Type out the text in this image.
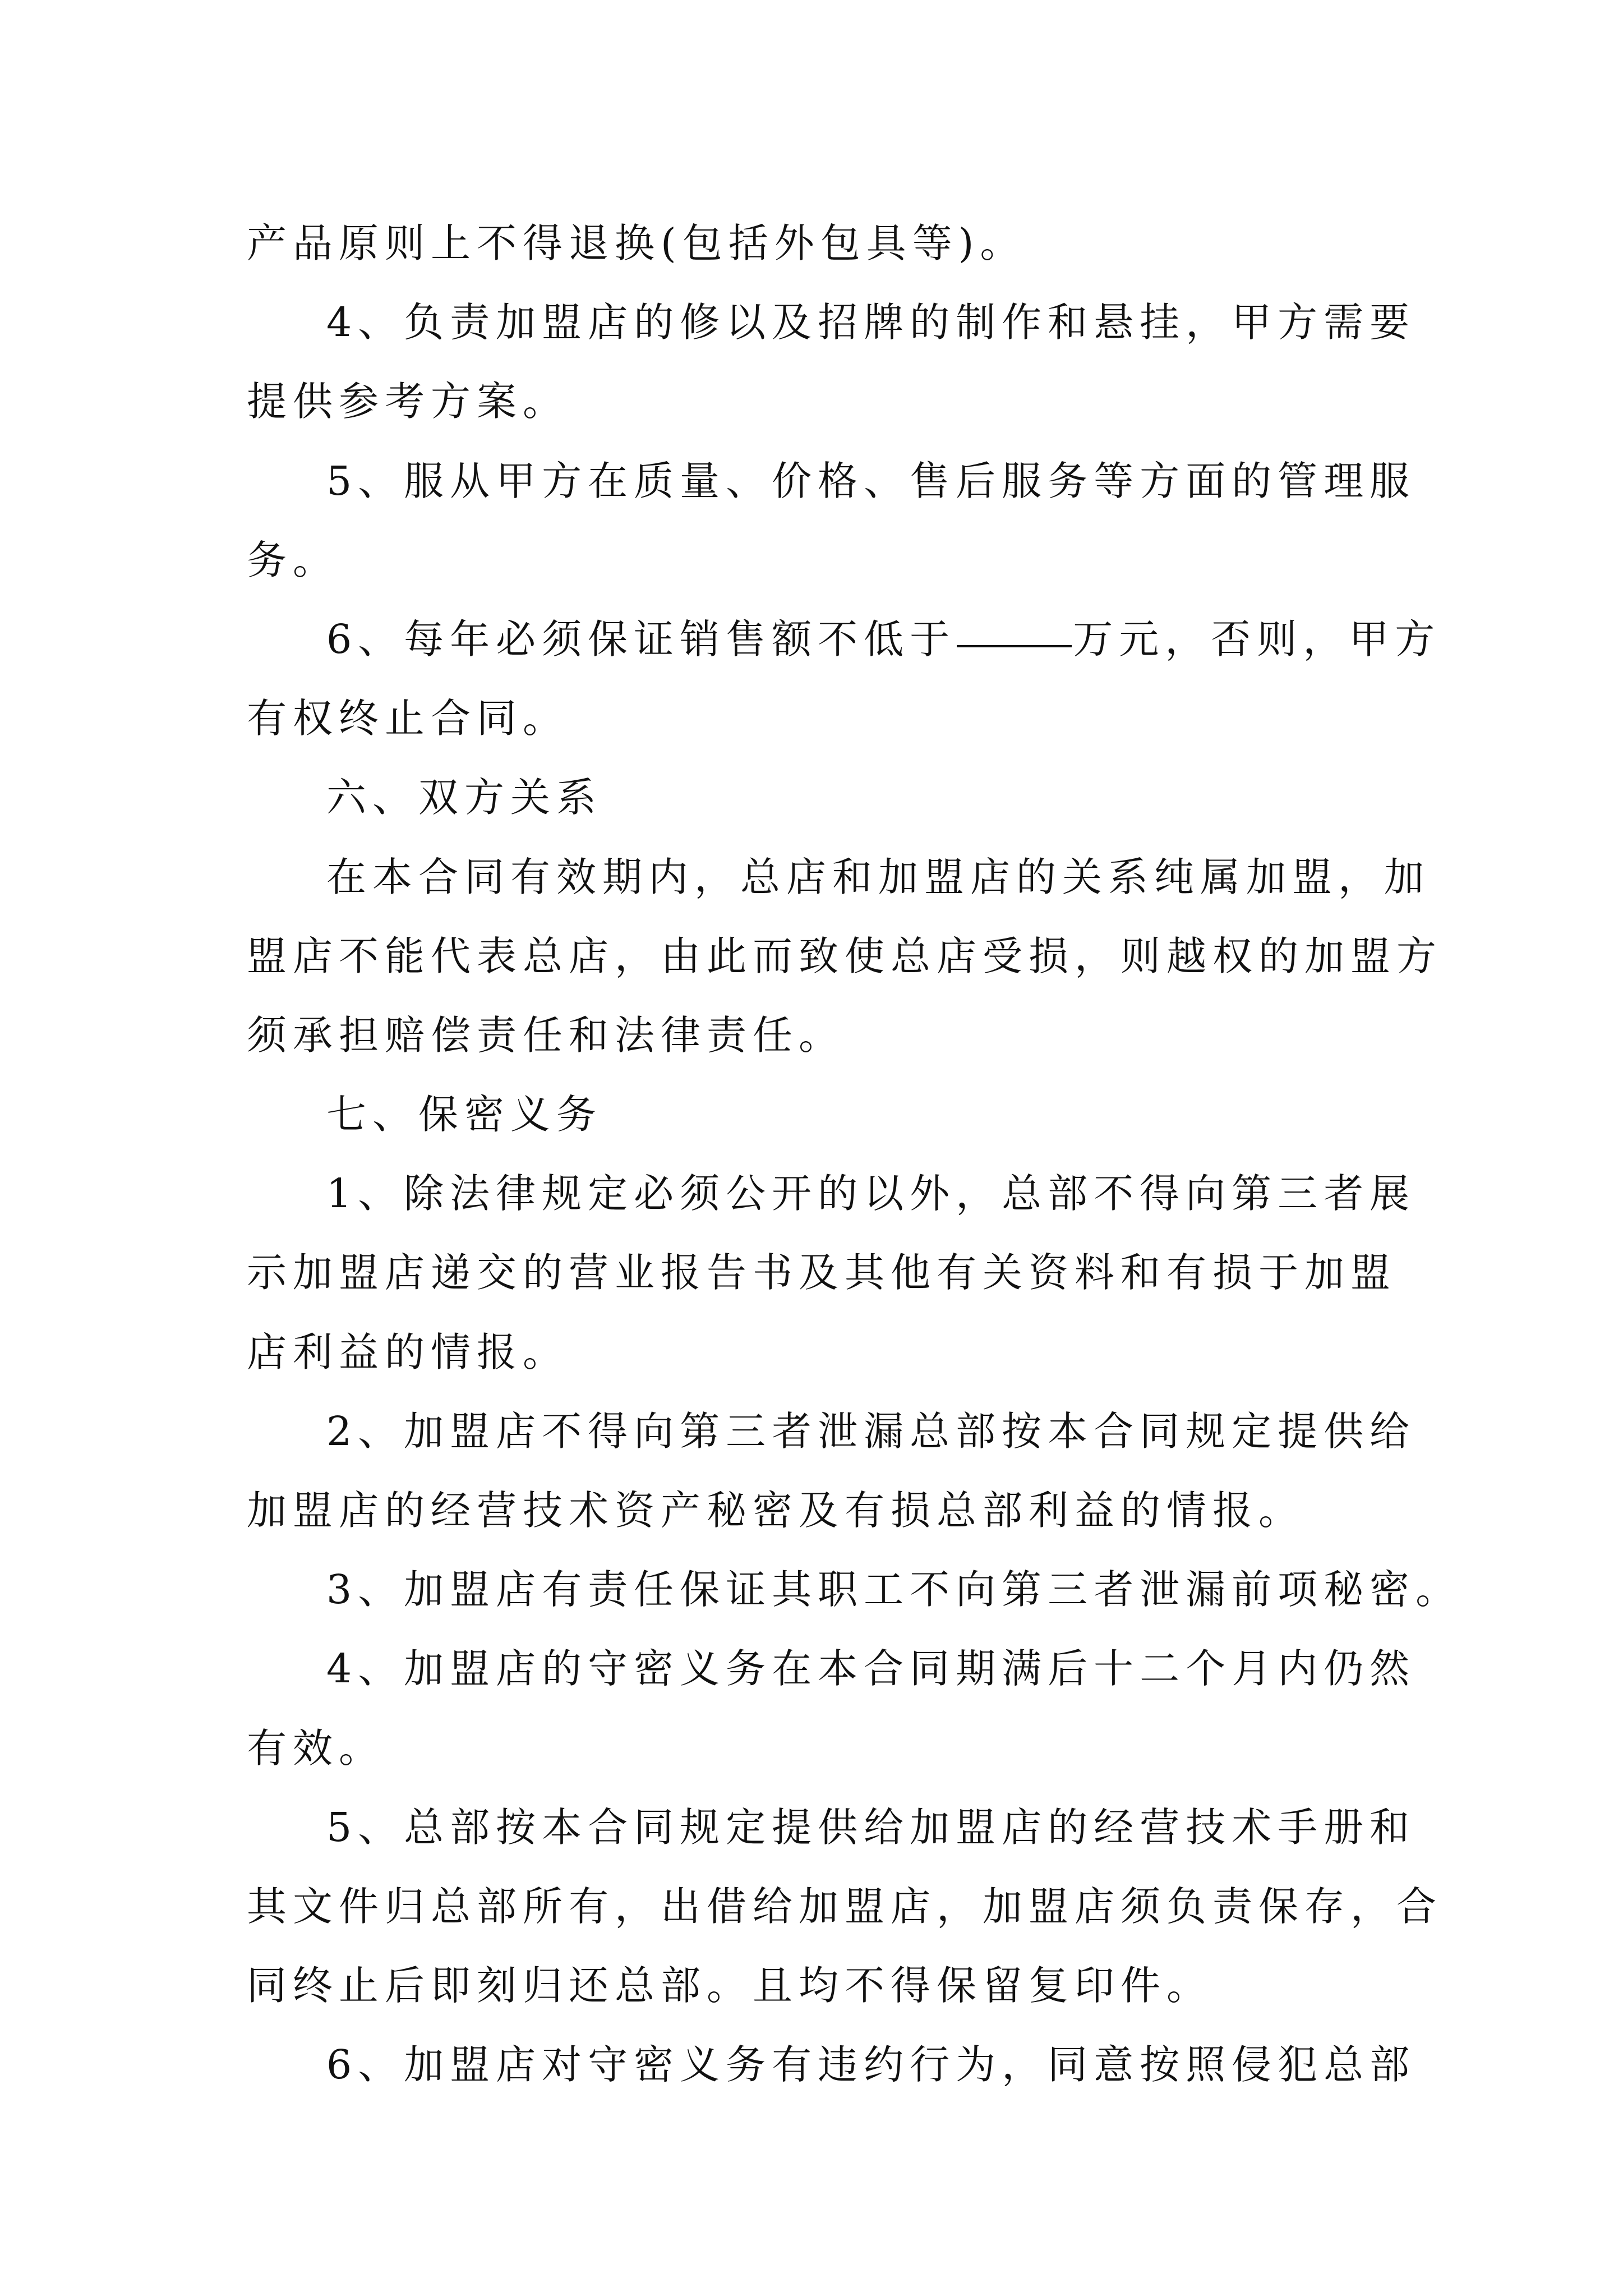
产品原则上不得退换(包括外包具等)。
4、负责加盟店的修以及招牌的制作和悬挂，甲方需要
提供参考方案。
5、服从甲方在质量、价格、售后服务等方面的管理服
务。
6、每年必须保证销售额不低于	万元，否则，甲方
有权终止合同。
六、双方关系
在本合同有效期内，总店和加盟店的关系纯属加盟，加
盟店不能代表总店，由此而致使总店受损，则越权的加盟方
须承担赔偿责任和法律责任。
七、保密义务
1、除法律规定必须公开的以外，总部不得向第三者展
示加盟店递交的营业报告书及其他有关资料和有损于加盟
店利益的情报。
2、加盟店不得向第三者泄漏总部按本合同规定提供给
加盟店的经营技术资产秘密及有损总部利益的情报。
3、加盟店有责任保证其职工不向第三者泄漏前项秘密。
4、加盟店的守密义务在本合同期满后十二个月内仍然
有效。
5、总部按本合同规定提供给加盟店的经营技术手册和
其文件归总部所有，出借给加盟店，加盟店须负责保存，合
同终止后即刻归还总部。且均不得保留复印件。
6、加盟店对守密义务有违约行为，同意按照侵犯总部
